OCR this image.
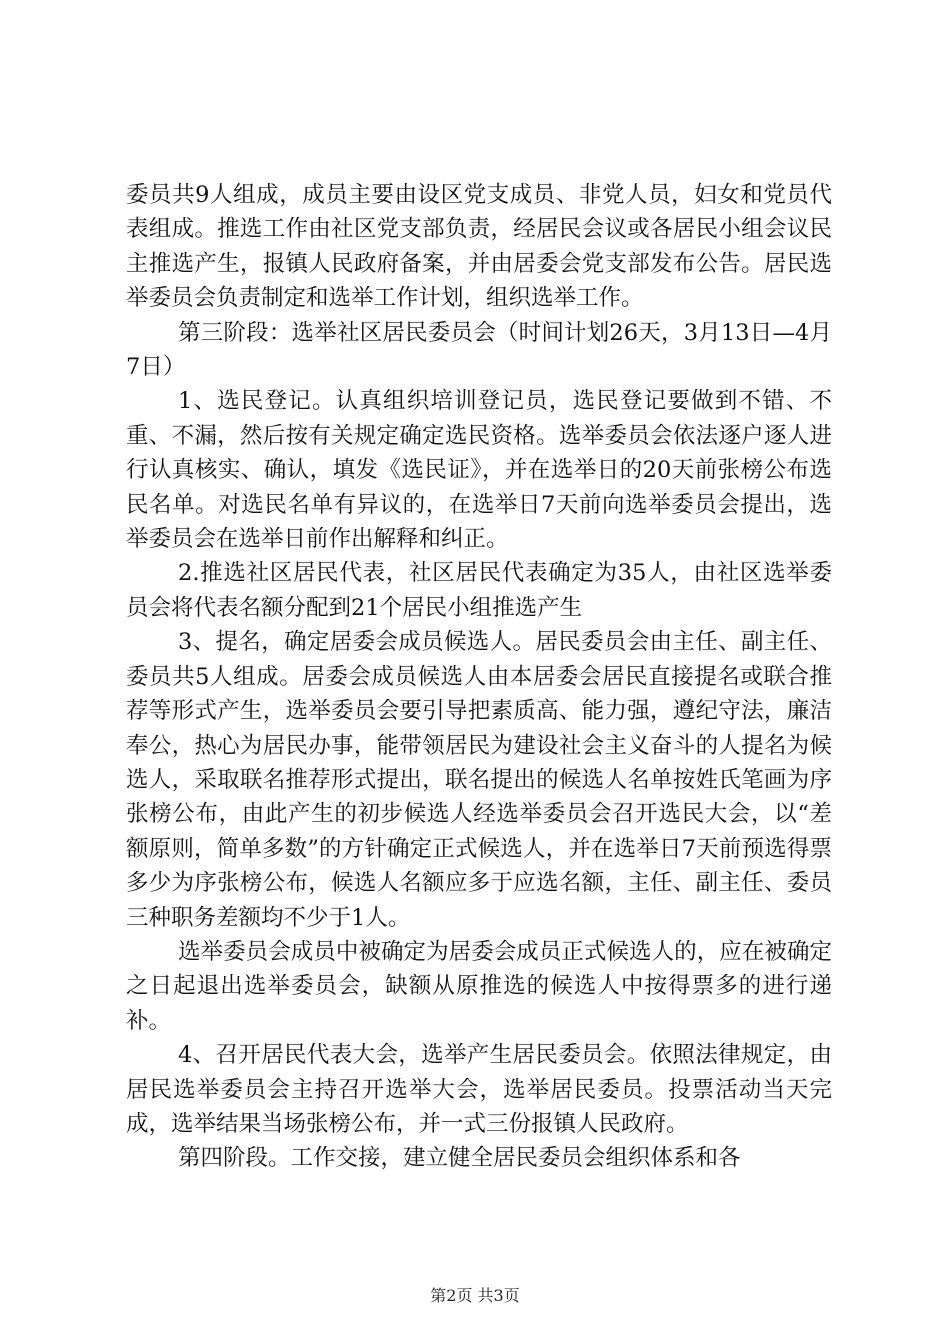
委员共9人组成，成员主要由设区党支成员、非党人员，妇女和党员代表组成。推选工作由社区党支部负责，经居民会议或各居民小组会议民主推选产生，报镇人民政府备案，并由居委会党支部发布公告。居民选举委员会负责制定和选举工作计划，组织选举工作。

第三阶段：选举社区居民委员会（时间计划26天，3月13日—4月7日）

1、选民登记。认真组织培训登记员，选民登记要做到不错、不重、不漏，然后按有关规定确定选民资格。选举委员会依法逐户逐人进行认真核实、确认，填发《选民证》，并在选举日的20天前张榜公布选民名单。对选民名单有异议的，在选举日7天前向选举委员会提出，选举委员会在选举日前作出解释和纠正。

2.推选社区居民代表，社区居民代表确定为35人，由社区选举委员会将代表名额分配到21个居民小组推选产生

3、提名，确定居委会成员候选人。居民委员会由主任、副主任、委员共5人组成。居委会成员候选人由本居委会居民直接提名或联合推荐等形式产生，选举委员会要引导把素质高、能力强，遵纪守法，廉洁奉公，热心为居民办事，能带领居民为建设社会主义奋斗的人提名为候选人，采取联名推荐形式提出，联名提出的候选人名单按姓氏笔画为序张榜公布，由此产生的初步候选人经选举委员会召开选民大会，以“差额原则，简单多数”的方针确定正式候选人，并在选举日7天前预选得票多少为序张榜公布，候选人名额应多于应选名额，主任、副主任、委员三种职务差额均不少于1人。

选举委员会成员中被确定为居委会成员正式候选人的，应在被确定之日起退出选举委员会，缺额从原推选的候选人中按得票多的进行递补。

4、召开居民代表大会，选举产生居民委员会。依照法律规定，由居民选举委员会主持召开选举大会，选举居民委员。投票活动当天完成，选举结果当场张榜公布，并一式三份报镇人民政府。

第四阶段。工作交接，建立健全居民委员会组织体系和各

第2页 共3页
